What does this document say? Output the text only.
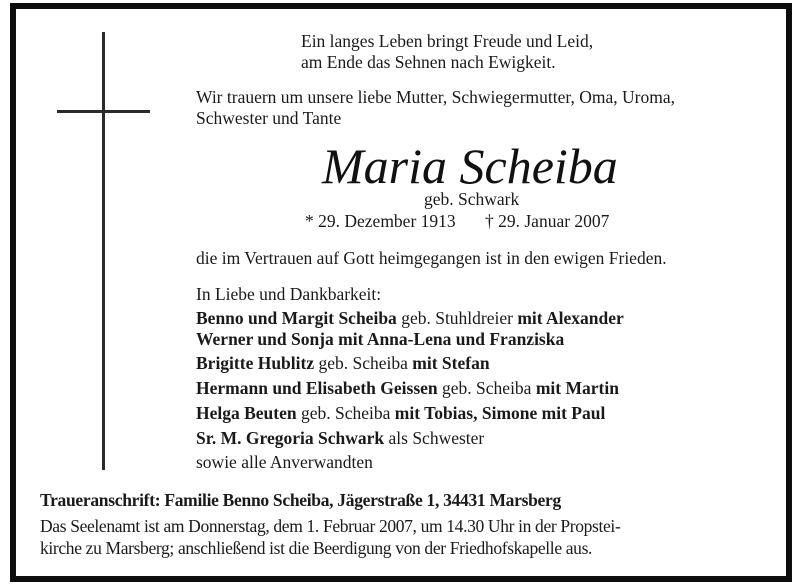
Ein langes Leben bringt Freude und Leid,
am Ende das Sehnen nach Ewigkeit.
Wir trauern um unsere liebe Mutter, Schwiegermutter, Oma, Uroma,
Schwester und Tante
Maria Scheiba
geb. Schwark
* 29. Dezember 1913 † 29. Januar 2007
die im Vertrauen auf Gott heimgegangen ist in den ewigen Frieden.
In Liebe und Dankbarkeit:
Benno und Margit Scheiba geb. Stuhldreier mit Alexander
Werner und Sonja mit Anna-Lena und Franziska
Brigitte Hublitz geb. Scheiba mit Stefan
Hermann und Elisabeth Geissen geb. Scheiba mit Martin
Helga Beuten geb. Scheiba mit Tobias, Simone mit Paul
Sr. M. Gregoria Schwark als Schwester
sowie alle Anverwandten
Traueranschrift: Familie Benno Scheiba, Jägerstraße 1, 34431 Marsberg
Das Seelenamt ist am Donnerstag, dem 1. Februar 2007, um 14.30 Uhr in der Propstei-
kirche zu Marsberg; anschließend ist die Beerdigung von der Friedhofskapelle aus.
